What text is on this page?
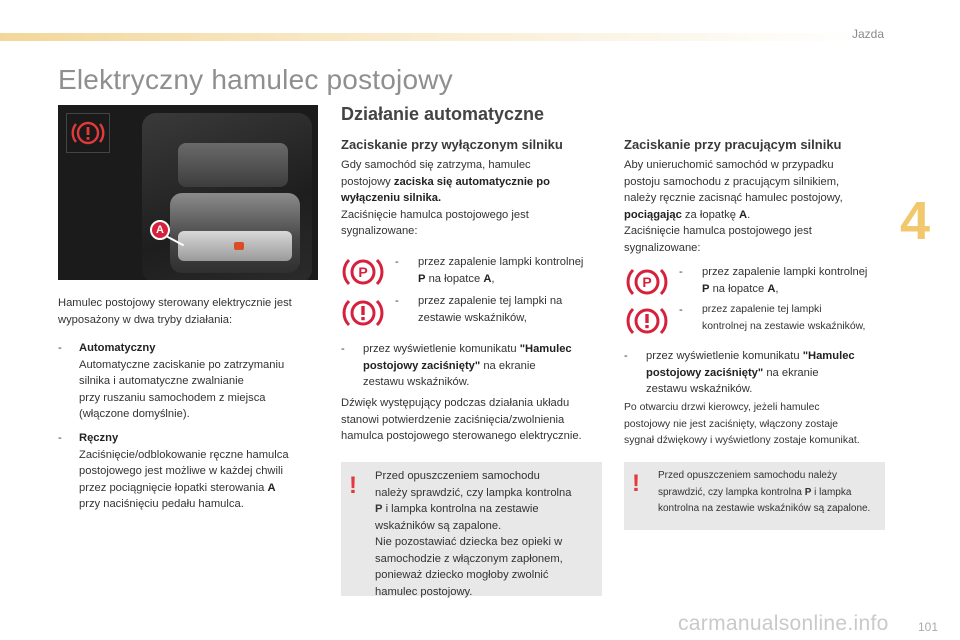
Jazda
4
Elektryczny hamulec postojowy
A
Hamulec postojowy sterowany elektrycznie jest
wyposażony w dwa tryby działania:
- Automatyczny
Automatyczne zaciskanie po zatrzymaniu
silnika i automatyczne zwalnianie
przy ruszaniu samochodem z miejsca
(włączone domyślnie).
- Ręczny
Zaciśnięcie/odblokowanie ręczne hamulca
postojowego jest możliwe w każdej chwili
przez pociągnięcie łopatki sterowania A
przy naciśnięciu pedału hamulca.
Działanie automatyczne
Zaciskanie przy wyłączonym silniku
Gdy samochód się zatrzyma, hamulec
postojowy zaciska się automatycznie po
wyłączeniu silnika.
Zaciśnięcie hamulca postojowego jest
sygnalizowane:
P
- przez zapalenie lampki kontrolnej
P na łopatce A,
- przez zapalenie tej lampki na
zestawie wskaźników,
- przez wyświetlenie komunikatu "Hamulec
postojowy zaciśnięty" na ekranie
zestawu wskaźników.
Dźwięk występujący podczas działania układu
stanowi potwierdzenie zaciśnięcia/zwolnienia
hamulca postojowego sterowanego elektrycznie.
! Przed opuszczeniem samochodu
należy sprawdzić, czy lampka kontrolna
P i lampka kontrolna na zestawie
wskaźników są zapalone.
Nie pozostawiać dziecka bez opieki w
samochodzie z włączonym zapłonem,
ponieważ dziecko mogłoby zwolnić
hamulec postojowy.
Zaciskanie przy pracującym silniku
Aby unieruchomić samochód w przypadku
postoju samochodu z pracującym silnikiem,
należy ręcznie zacisnąć hamulec postojowy,
pociągając za łopatkę A.
Zaciśnięcie hamulca postojowego jest
sygnalizowane:
P
- przez zapalenie lampki kontrolnej
P na łopatce A,
- przez zapalenie tej lampki
kontrolnej na zestawie wskaźników,
- przez wyświetlenie komunikatu "Hamulec
postojowy zaciśnięty" na ekranie
zestawu wskaźników.
Po otwarciu drzwi kierowcy, jeżeli hamulec
postojowy nie jest zaciśnięty, włączony zostaje
sygnał dźwiękowy i wyświetlony zostaje komunikat.
! Przed opuszczeniem samochodu należy
sprawdzić, czy lampka kontrolna P i lampka
kontrolna na zestawie wskaźników są zapalone.
carmanualsonline.info 101
